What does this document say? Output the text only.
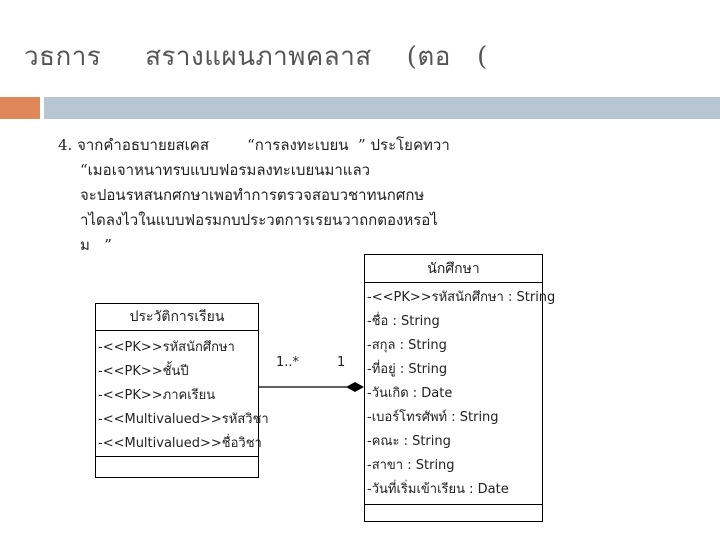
วธการ     สรางแผนภาพคลาส    (ตอ   (
4. จากคำอธบายยสเคส        “การลงทะเบยน  ” ประโยคทวา
“เมอเจาหนาทรบแบบฟอรมลงทะเบยนมาแลว
จะปอนรหสนกศกษาเพอทำการตรวจสอบวชาทนกศกษ
าไดลงไวในแบบฟอรมกบประวตการเรยนวาถกตองหรอไ
ม   ”
1..*	1
ประวัติการเรียน
-<<PK>>รหัสนักศึกษา
-<<PK>>ชั้นปี
-<<PK>>ภาคเรียน
-<<Multivalued>>รหัสวิชา
-<<Multivalued>>ชื่อวิชา
นักศึกษา
-<<PK>>รหัสนักศึกษา : String
-ชื่อ : String
-สกุล : String
-ที่อยู่ : String
-วันเกิด : Date
-เบอร์โทรศัพท์ : String
-คณะ : String
-สาขา : String
-วันที่เริ่มเข้าเรียน : Date
